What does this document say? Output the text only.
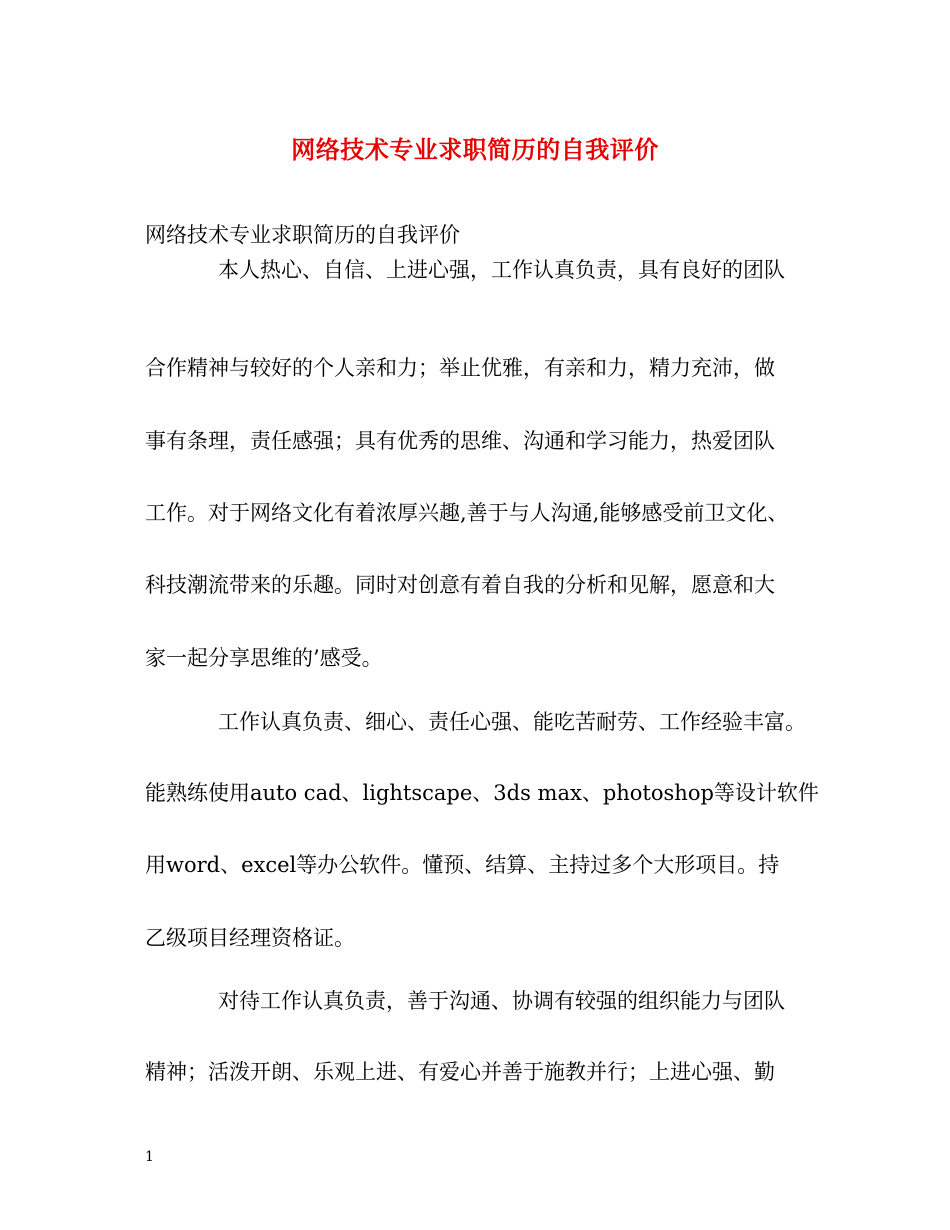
网络技术专业求职简历的自我评价
网络技术专业求职简历的自我评价
本人热心、自信、上进心强，工作认真负责，具有良好的团队
合作精神与较好的个人亲和力；举止优雅，有亲和力，精力充沛，做
事有条理，责任感强；具有优秀的思维、沟通和学习能力，热爱团队
工作。对于网络文化有着浓厚兴趣,善于与人沟通,能够感受前卫文化、
科技潮流带来的乐趣。同时对创意有着自我的分析和见解，愿意和大
家一起分享思维的’感受。
工作认真负责、细心、责任心强、能吃苦耐劳、工作经验丰富。
能熟练使用auto cad、lightscape、3ds max、photoshop等设计软件
用word、excel等办公软件。懂预、结算、主持过多个大形项目。持
乙级项目经理资格证。
对待工作认真负责，善于沟通、协调有较强的组织能力与团队
精神；活泼开朗、乐观上进、有爱心并善于施教并行；上进心强、勤
1
